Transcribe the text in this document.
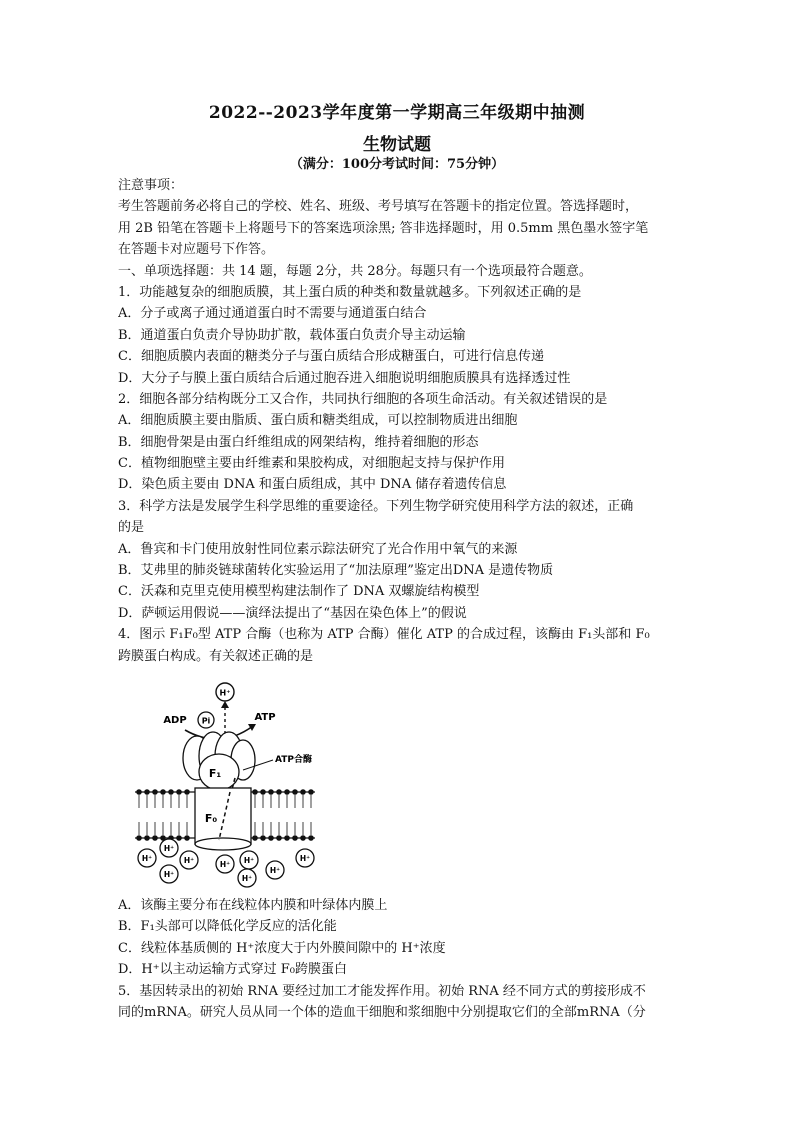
2022--2023学年度第一学期高三年级期中抽测
生物试题
（满分：100分考试时间：75分钟）
注意事项：
考生答题前务必将自己的学校、姓名、班级、考号填写在答题卡的指定位置。答选择题时，
用 2B 铅笔在答题卡上将题号下的答案选项涂黑; 答非选择题时，用 0.5mm 黑色墨水签字笔
在答题卡对应题号下作答。
一、单项选择题：共 14 题，每题 2分，共 28分。每题只有一个选项最符合题意。
1．功能越复杂的细胞质膜，其上蛋白质的种类和数量就越多。下列叙述正确的是
A．分子或离子通过通道蛋白时不需要与通道蛋白结合
B．通道蛋白负责介导协助扩散，载体蛋白负责介导主动运输
C．细胞质膜内表面的糖类分子与蛋白质结合形成糖蛋白，可进行信息传递
D．大分子与膜上蛋白质结合后通过胞吞进入细胞说明细胞质膜具有选择透过性
2．细胞各部分结构既分工又合作，共同执行细胞的各项生命活动。有关叙述错误的是
A．细胞质膜主要由脂质、蛋白质和糖类组成，可以控制物质进出细胞
B．细胞骨架是由蛋白纤维组成的网架结构，维持着细胞的形态
C．植物细胞壁主要由纤维素和果胶构成，对细胞起支持与保护作用
D．染色质主要由 DNA 和蛋白质组成，其中 DNA 储存着遗传信息
3．科学方法是发展学生科学思维的重要途径。下列生物学研究使用科学方法的叙述，正确
的是
A．鲁宾和卡门使用放射性同位素示踪法研究了光合作用中氧气的来源
B．艾弗里的肺炎链球菌转化实验运用了“加法原理”鉴定出DNA 是遗传物质
C．沃森和克里克使用模型构建法制作了 DNA 双螺旋结构模型
D．萨顿运用假说——演绎法提出了“基因在染色体上”的假说
4．图示 F₁F₀型 ATP 合酶（也称为 ATP 合酶）催化 ATP 的合成过程，该酶由 F₁头部和 F₀
跨膜蛋白构成。有关叙述正确的是
H⁺
ADP Pi	ATP
F₁
ATP合酶
F₀
H⁺
H⁺
H⁺
H⁺
H⁺ H⁺
H⁺
H⁺
H⁺
A．该酶主要分布在线粒体内膜和叶绿体内膜上
B．F₁头部可以降低化学反应的活化能
C．线粒体基质侧的 H⁺浓度大于内外膜间隙中的 H⁺浓度
D．H⁺以主动运输方式穿过 F₀跨膜蛋白
5．基因转录出的初始 RNA 要经过加工才能发挥作用。初始 RNA 经不同方式的剪接形成不
同的mRNA。研究人员从同一个体的造血干细胞和浆细胞中分别提取它们的全部mRNA（分
